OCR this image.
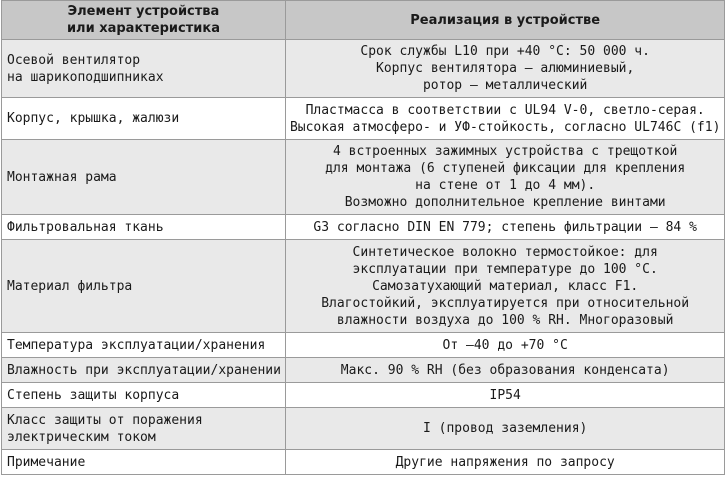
Элемент устройства
или характеристика	Реализация в устройстве

Осевой вентилятор
на шарикоподшипниках	Срок службы L10 при +40 °C: 50 000 ч.
Корпус вентилятора – алюминиевый,
ротор – металлический

Корпус, крышка, жалюзи	Пластмасса в соответствии с UL94 V-0, светло-серая.
Высокая атмосферо- и УФ-стойкость, согласно UL746C (f1)

Монтажная рама	4 встроенных зажимных устройства с трещоткой
для монтажа (6 ступеней фиксации для крепления
на стене от 1 до 4 мм).
Возможно дополнительное крепление винтами

Фильтровальная ткань	G3 согласно DIN EN 779; степень фильтрации – 84 %

Материал фильтра	Синтетическое волокно термостойкое: для
эксплуатации при температуре до 100 °C.
Самозатухающий материал, класс F1.
Влагостойкий, эксплуатируется при относительной
влажности воздуха до 100 % RH. Многоразовый

Температура эксплуатации/хранения	От –40 до +70 °C

Влажность при эксплуатации/хранении	Макс. 90 % RH (без образования конденсата)

Степень защиты корпуса	IP54

Класс защиты от поражения
электрическим током	I (провод заземления)

Примечание	Другие напряжения по запросу
